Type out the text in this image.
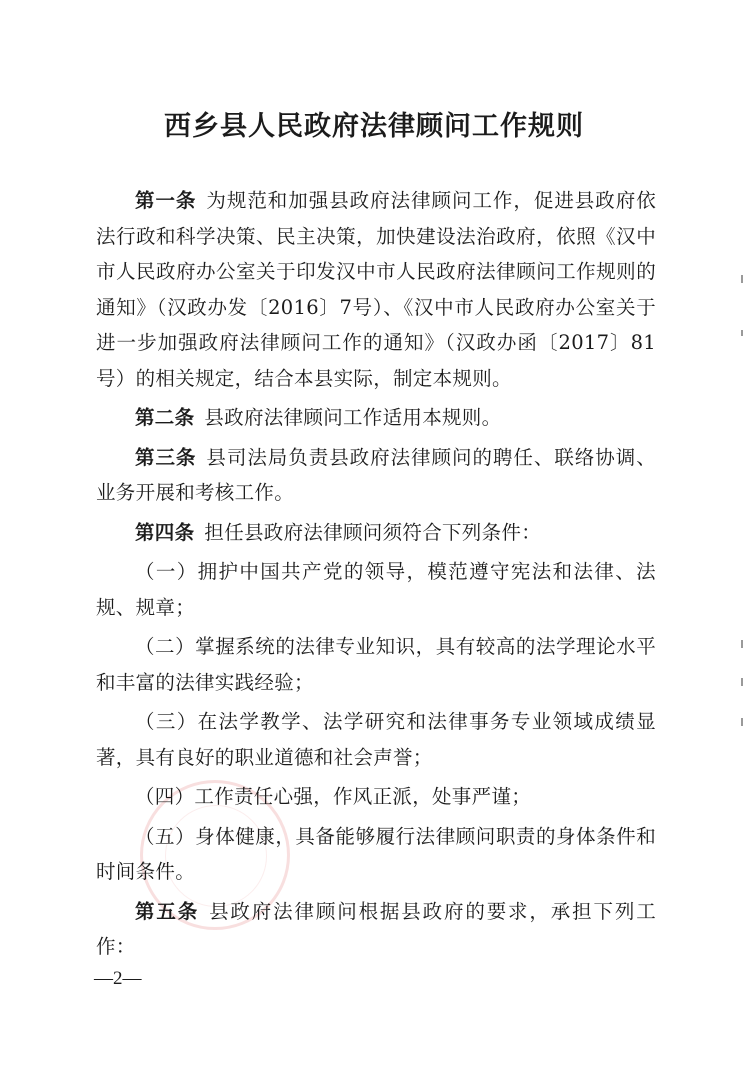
西乡县人民政府法律顾问工作规则

第一条 为规范和加强县政府法律顾问工作，促进县政府依法行政和科学决策、民主决策，加快建设法治政府，依照《汉中市人民政府办公室关于印发汉中市人民政府法律顾问工作规则的通知》（汉政办发〔2016〕7号）、《汉中市人民政府办公室关于进一步加强政府法律顾问工作的通知》（汉政办函〔2017〕81号）的相关规定，结合本县实际，制定本规则。

第二条 县政府法律顾问工作适用本规则。

第三条 县司法局负责县政府法律顾问的聘任、联络协调、业务开展和考核工作。

第四条 担任县政府法律顾问须符合下列条件：

（一）拥护中国共产党的领导，模范遵守宪法和法律、法规、规章；

（二）掌握系统的法律专业知识，具有较高的法学理论水平和丰富的法律实践经验；

（三）在法学教学、法学研究和法律事务专业领域成绩显著，具有良好的职业道德和社会声誉；

（四）工作责任心强，作风正派，处事严谨；

（五）身体健康，具备能够履行法律顾问职责的身体条件和时间条件。

第五条 县政府法律顾问根据县政府的要求，承担下列工作：

—2—
